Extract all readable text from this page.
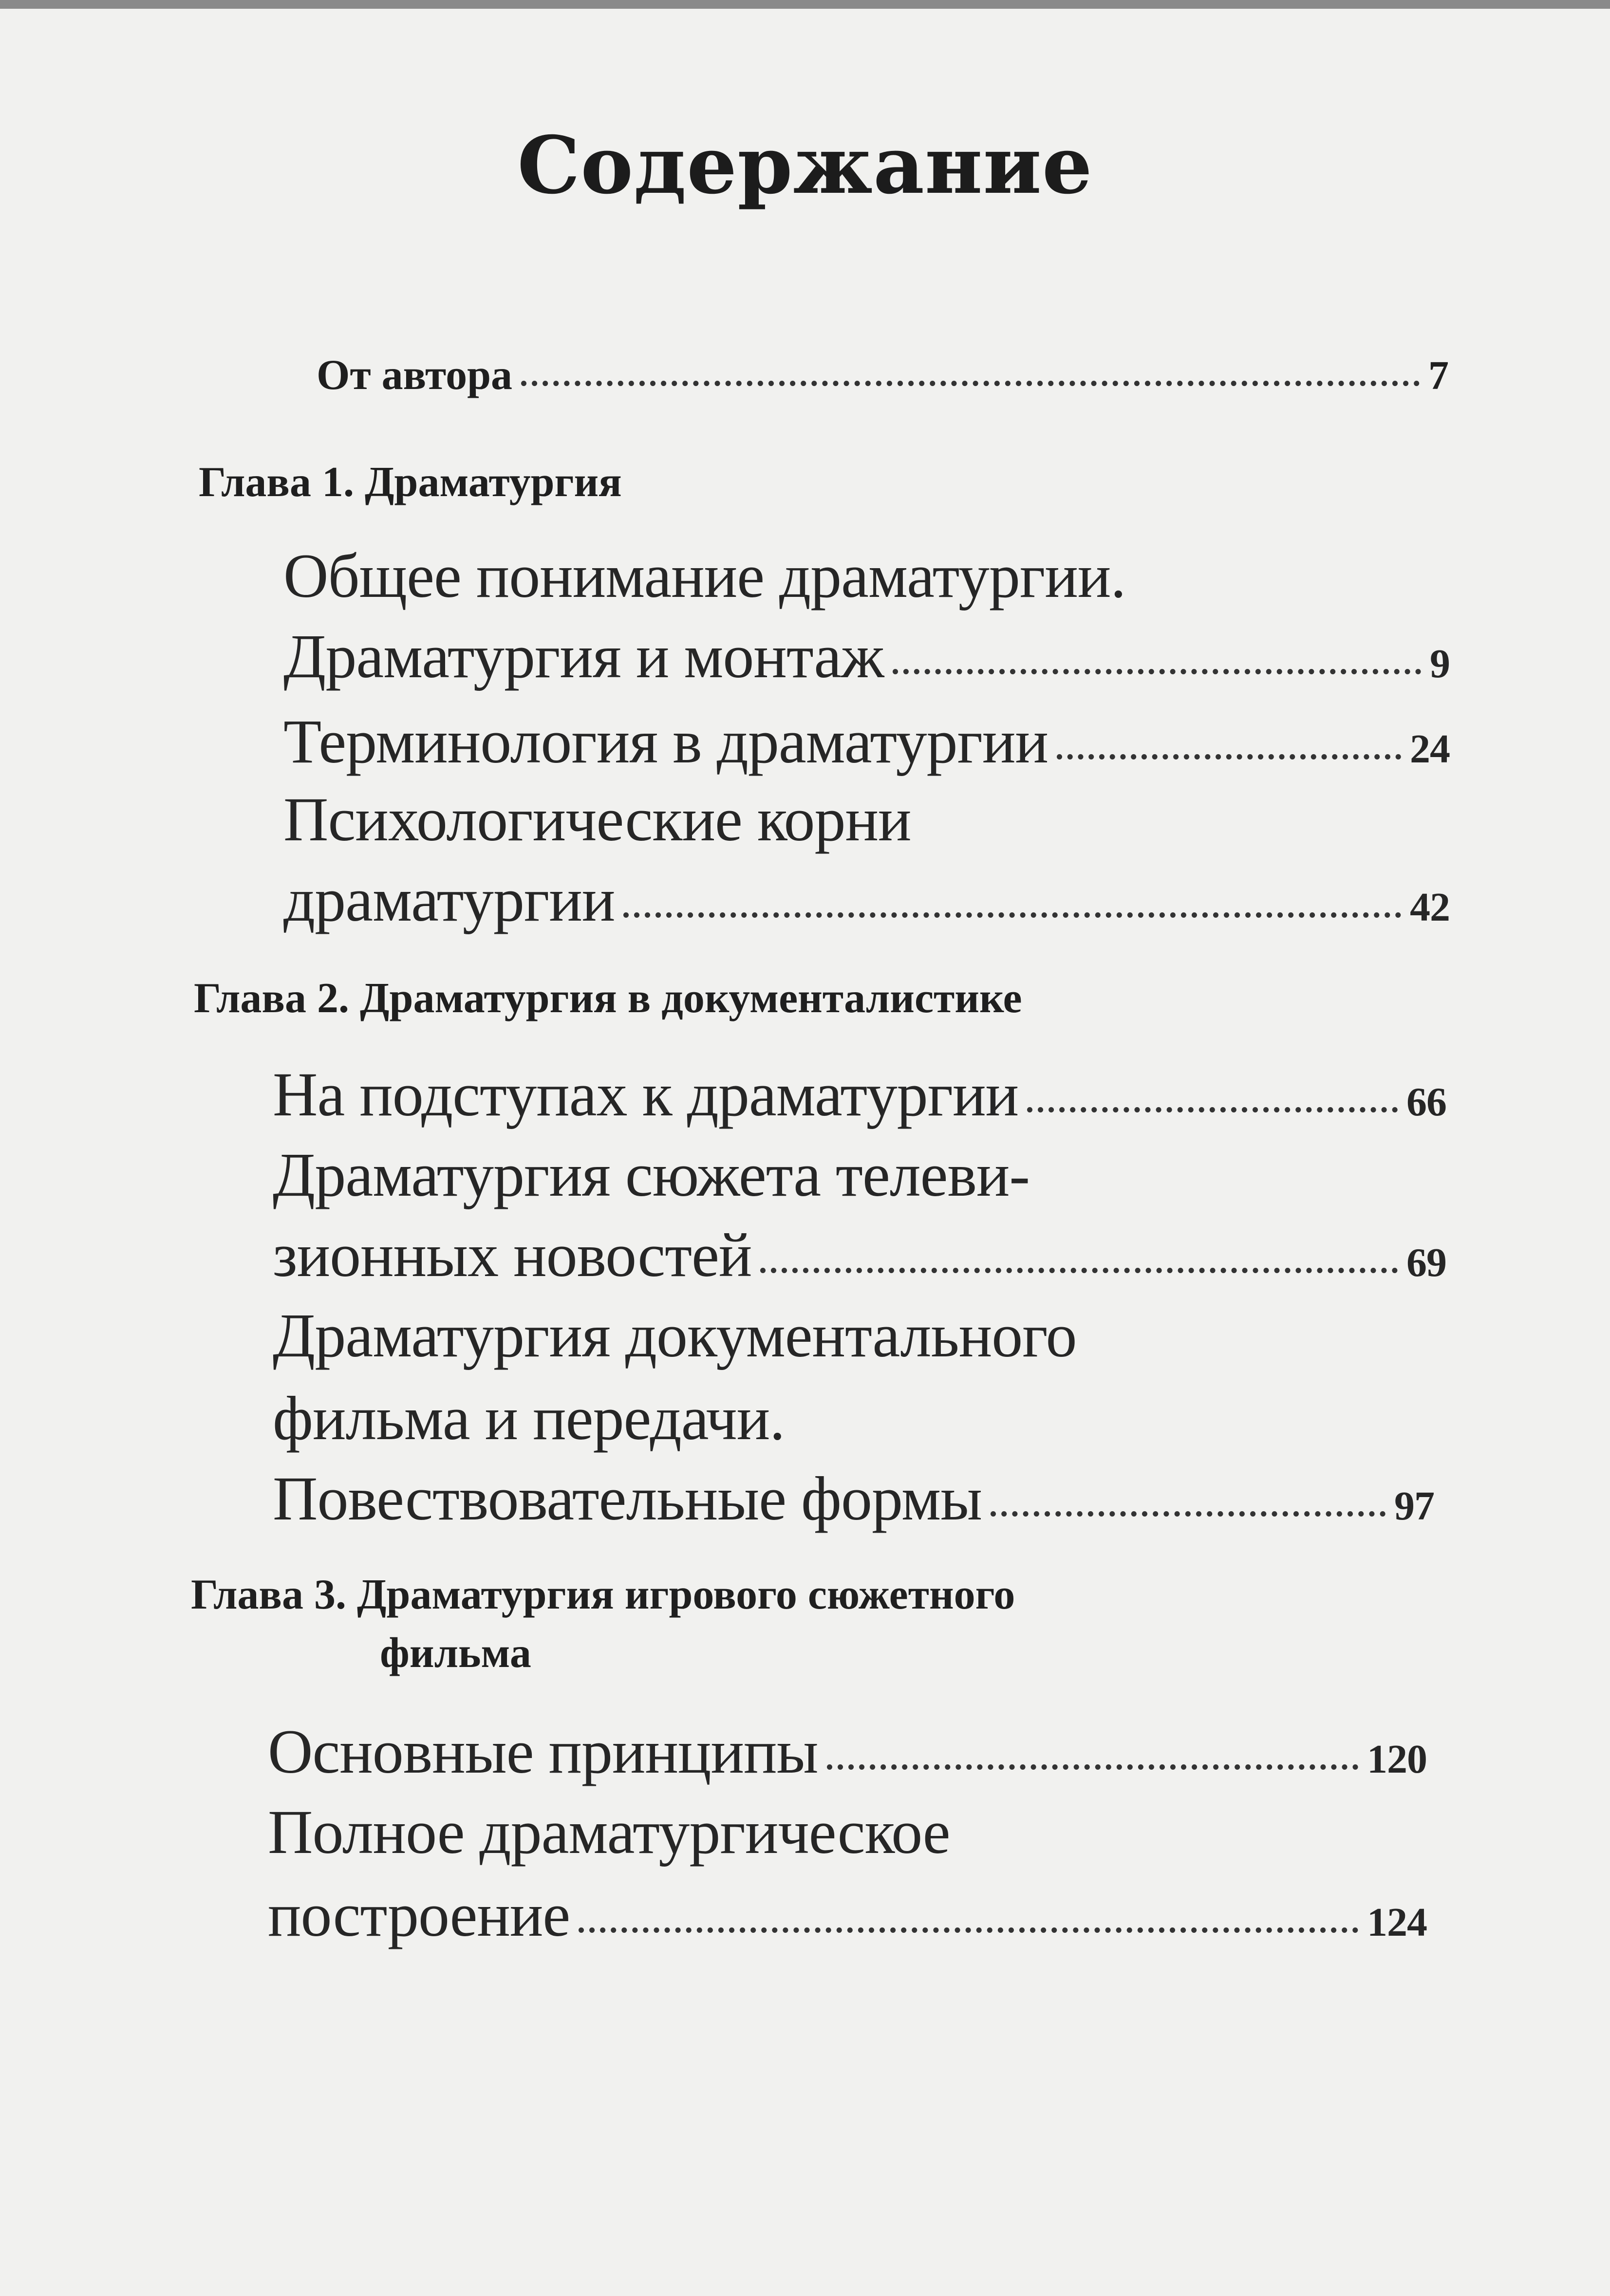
Содержание
От автора	7
Глава 1. Драматургия
Общее понимание драматургии.
Драматургия и монтаж	9
Терминология в драматургии	24
Психологические корни
драматургии	42
Глава 2. Драматургия в документалистике
На подступах к драматургии	66
Драматургия сюжета телеви-
зионных новостей	69
Драматургия документального
фильма и передачи.
Повествовательные формы	97
Глава 3. Драматургия игрового сюжетного
фильма
Основные принципы	120
Полное драматургическое
построение	124
